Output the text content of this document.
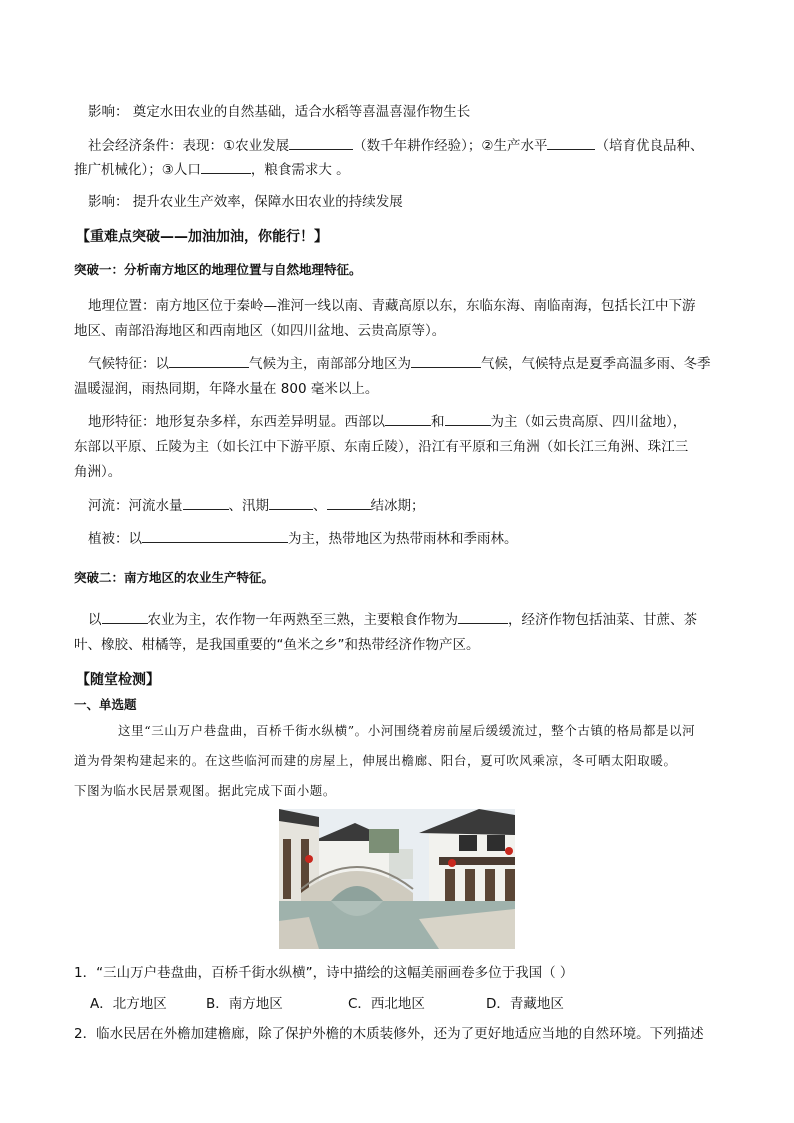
影响： 奠定水田农业的自然基础，适合水稻等喜温喜湿作物生长
社会经济条件：表现：①农业发展	（数千年耕作经验）；②生产水平	（培育优良品种、
推广机械化）；③人口	，粮食需求大 。
影响： 提升农业生产效率，保障水田农业的持续发展
【重难点突破——加油加油，你能行！】
突破一：分析南方地区的地理位置与自然地理特征。
地理位置：南方地区位于秦岭—淮河一线以南、青藏高原以东，东临东海、南临南海，包括长江中下游
地区、南部沿海地区和西南地区（如四川盆地、云贵高原等）。
气候特征：以	气候为主，南部部分地区为	气候，气候特点是夏季高温多雨、冬季
温暖湿润，雨热同期，年降水量在 800 毫米以上。
地形特征：地形复杂多样，东西差异明显。西部以	和	为主（如云贵高原、四川盆地），
东部以平原、丘陵为主（如长江中下游平原、东南丘陵），沿江有平原和三角洲（如长江三角洲、珠江三
角洲）。
河流：河流水量	、汛期	、	结冰期；
植被：以	为主，热带地区为热带雨林和季雨林。
突破二：南方地区的农业生产特征。
以	农业为主，农作物一年两熟至三熟，主要粮食作物为	，经济作物包括油菜、甘蔗、茶
叶、橡胶、柑橘等，是我国重要的“鱼米之乡”和热带经济作物产区。
【随堂检测】
一、单选题
这里“三山万户巷盘曲，百桥千街水纵横”。小河围绕着房前屋后缓缓流过，整个古镇的格局都是以河
道为骨架构建起来的。在这些临河而建的房屋上，伸展出檐廊、阳台，夏可吹风乘凉，冬可晒太阳取暖。
下图为临水民居景观图。据此完成下面小题。
1．“三山万户巷盘曲，百桥千街水纵横”，诗中描绘的这幅美丽画卷多位于我国（ ）
A．北方地区	B．南方地区	C．西北地区	D．青藏地区
2．临水民居在外檐加建檐廊，除了保护外檐的木质装修外，还为了更好地适应当地的自然环境。下列描述
